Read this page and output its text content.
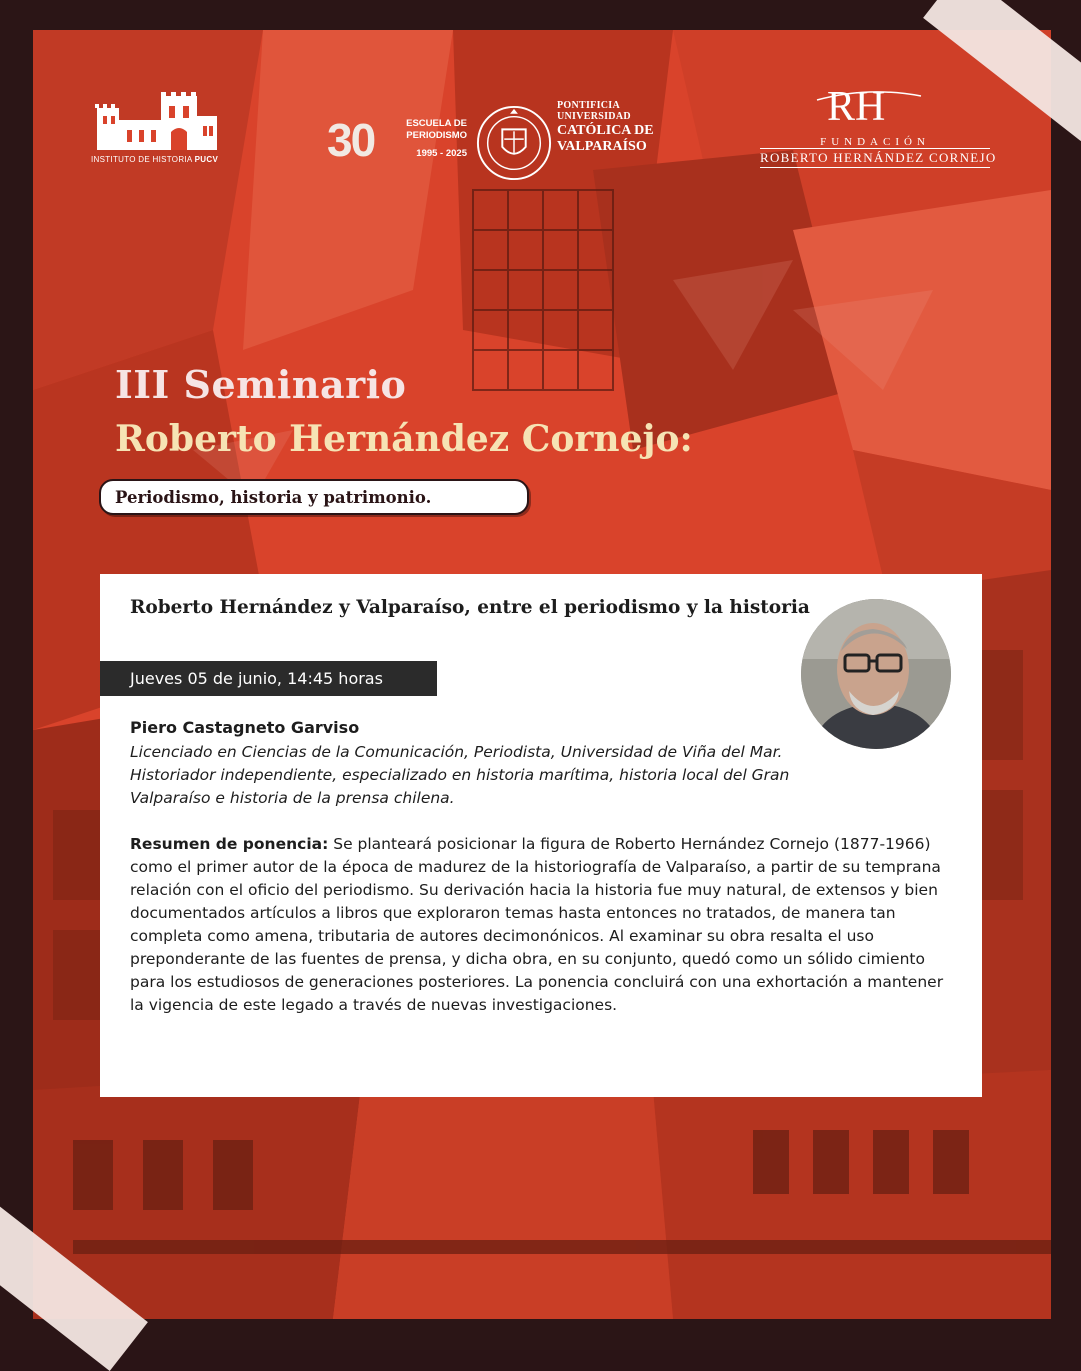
INSTITUTO DE HISTORIA PUCV 30	ESCUELA DE
PERIODISMO
1995 - 2025
PONTIFICIA
UNIVERSIDAD
CATÓLICA DE
VALPARAÍSO
RH
FUNDACIÓN
ROBERTO HERNÁNDEZ CORNEJO
III Seminario
Roberto Hernández Cornejo:
Periodismo, historia y patrimonio.
Roberto Hernández y Valparaíso, entre el periodismo y la historia
Jueves 05 de junio, 14:45 horas
Piero Castagneto Garviso
Licenciado en Ciencias de la Comunicación, Periodista, Universidad de Viña del Mar. Historiador independiente, especializado en historia marítima, historia local del Gran Valparaíso e historia de la prensa chilena.
Resumen de ponencia: Se planteará posicionar la figura de Roberto Hernández Cornejo (1877-1966) como el primer autor de la época de madurez de la historiografía de Valparaíso, a partir de su temprana relación con el oficio del periodismo. Su derivación hacia la historia fue muy natural, de extensos y bien documentados artículos a libros que exploraron temas hasta entonces no tratados, de manera tan completa como amena, tributaria de autores decimonónicos. Al examinar su obra resalta el uso preponderante de las fuentes de prensa, y dicha obra, en su conjunto, quedó como un sólido cimiento para los estudiosos de generaciones posteriores. La ponencia concluirá con una exhortación a mantener la vigencia de este legado a través de nuevas investigaciones.
